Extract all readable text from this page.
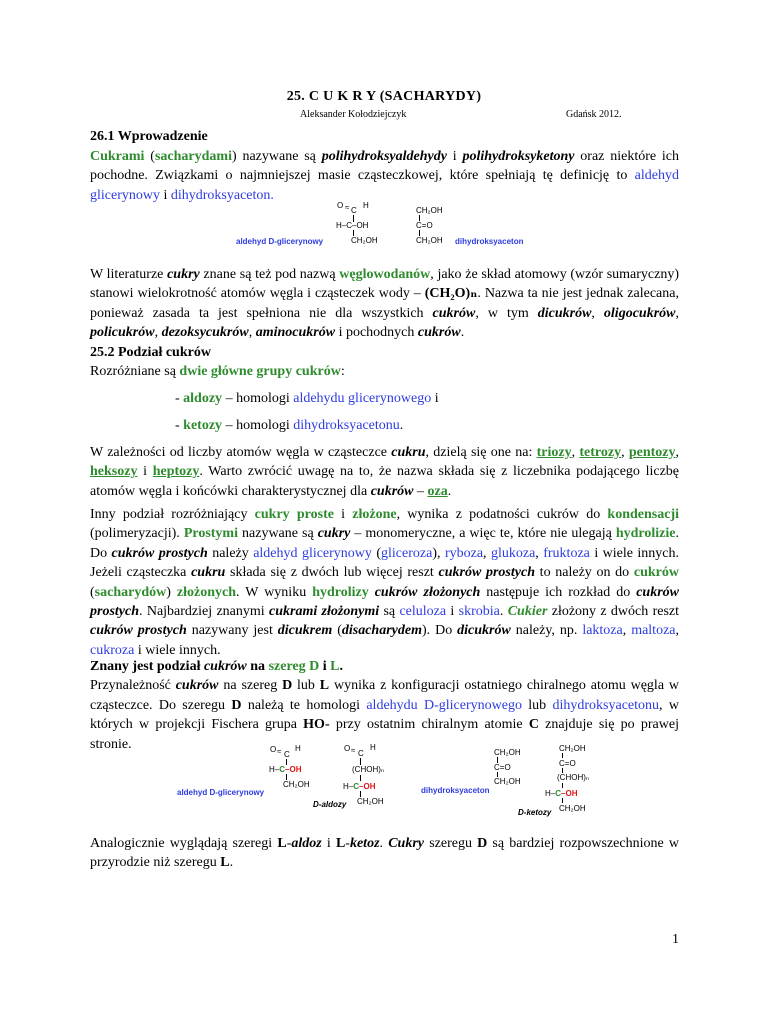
25. C U K R Y (SACHARYDY)
Aleksander Kołodziejczyk	Gdańsk 2012.
26.1 Wprowadzenie
Cukrami (sacharydami) nazywane są polihydroksyaldehydy i polihydroksyketony oraz niektóre ich pochodne. Związkami o najmniejszej masie cząsteczkowej, które spełniają tę definicję to aldehyd glicerynowy i dihydroksyaceton.
O ≈ C
H
H–C–OH
CH₂OH
aldehyd D-glicerynowy
CH₂OH
C=O
CH₂OH dihydroksyaceton
W literaturze cukry znane są też pod nazwą węglowodanów, jako że skład atomowy (wzór sumaryczny) stanowi wielokrotność atomów węgla i cząsteczek wody – (CH₂O)ₙ. Nazwa ta nie jest jednak zalecana, ponieważ zasada ta jest spełniona nie dla wszystkich cukrów, w tym dicukrów, oligocukrów, policukrów, dezoksycukrów, aminocukrów i pochodnych cukrów.
25.2 Podział cukrów
Rozróżniane są dwie główne grupy cukrów:
- aldozy – homologi aldehydu glicerynowego i
- ketozy – homologi dihydroksyacetonu.
W zależności od liczby atomów węgla w cząsteczce cukru, dzielą się one na: triozy, tetrozy, pentozy, heksozy i heptozy. Warto zwrócić uwagę na to, że nazwa składa się z liczebnika podającego liczbę atomów węgla i końcówki charakterystycznej dla cukrów – oza.
Inny podział rozróżniający cukry proste i złożone, wynika z podatności cukrów do kondensacji (polimeryzacji). Prostymi nazywane są cukry – monomeryczne, a więc te, które nie ulegają hydrolizie. Do cukrów prostych należy aldehyd glicerynowy (gliceroza), ryboza, glukoza, fruktoza i wiele innych. Jeżeli cząsteczka cukru składa się z dwóch lub więcej reszt cukrów prostych to należy on do cukrów (sacharydów) złożonych. W wyniku hydrolizy cukrów złożonych następuje ich rozkład do cukrów prostych. Najbardziej znanymi cukrami złożonymi są celuloza i skrobia. Cukier złożony z dwóch reszt cukrów prostych nazywany jest dicukrem (disacharydem). Do dicukrów należy, np. laktoza, maltoza, cukroza i wiele innych.
Znany jest podział cukrów na szereg D i L.
Przynależność cukrów na szereg D lub L wynika z konfiguracji ostatniego chiralnego atomu węgla w cząsteczce. Do szeregu D należą te homologi aldehydu D-glicerynowego lub dihydroksyacetonu, w których w projekcji Fischera grupa HO- przy ostatnim chiralnym atomie C znajduje się po prawej stronie.
aldehyd D-glicerynowy
O ≈ C
H
H–C–OH
CH₂OH
O ≈ C
H
(CHOH)ₙ
H–C–OH
CH₂OH
D-aldozy
dihydroksyaceton
CH₂OH
C=O
CH₂OH
CH₂OH
C=O
(CHOH)ₙ
H–C–OH
CH₂OH
D-ketozy
Analogicznie wyglądają szeregi L-aldoz i L-ketoz. Cukry szeregu D są bardziej rozpowszechnione w przyrodzie niż szeregu L.
1
